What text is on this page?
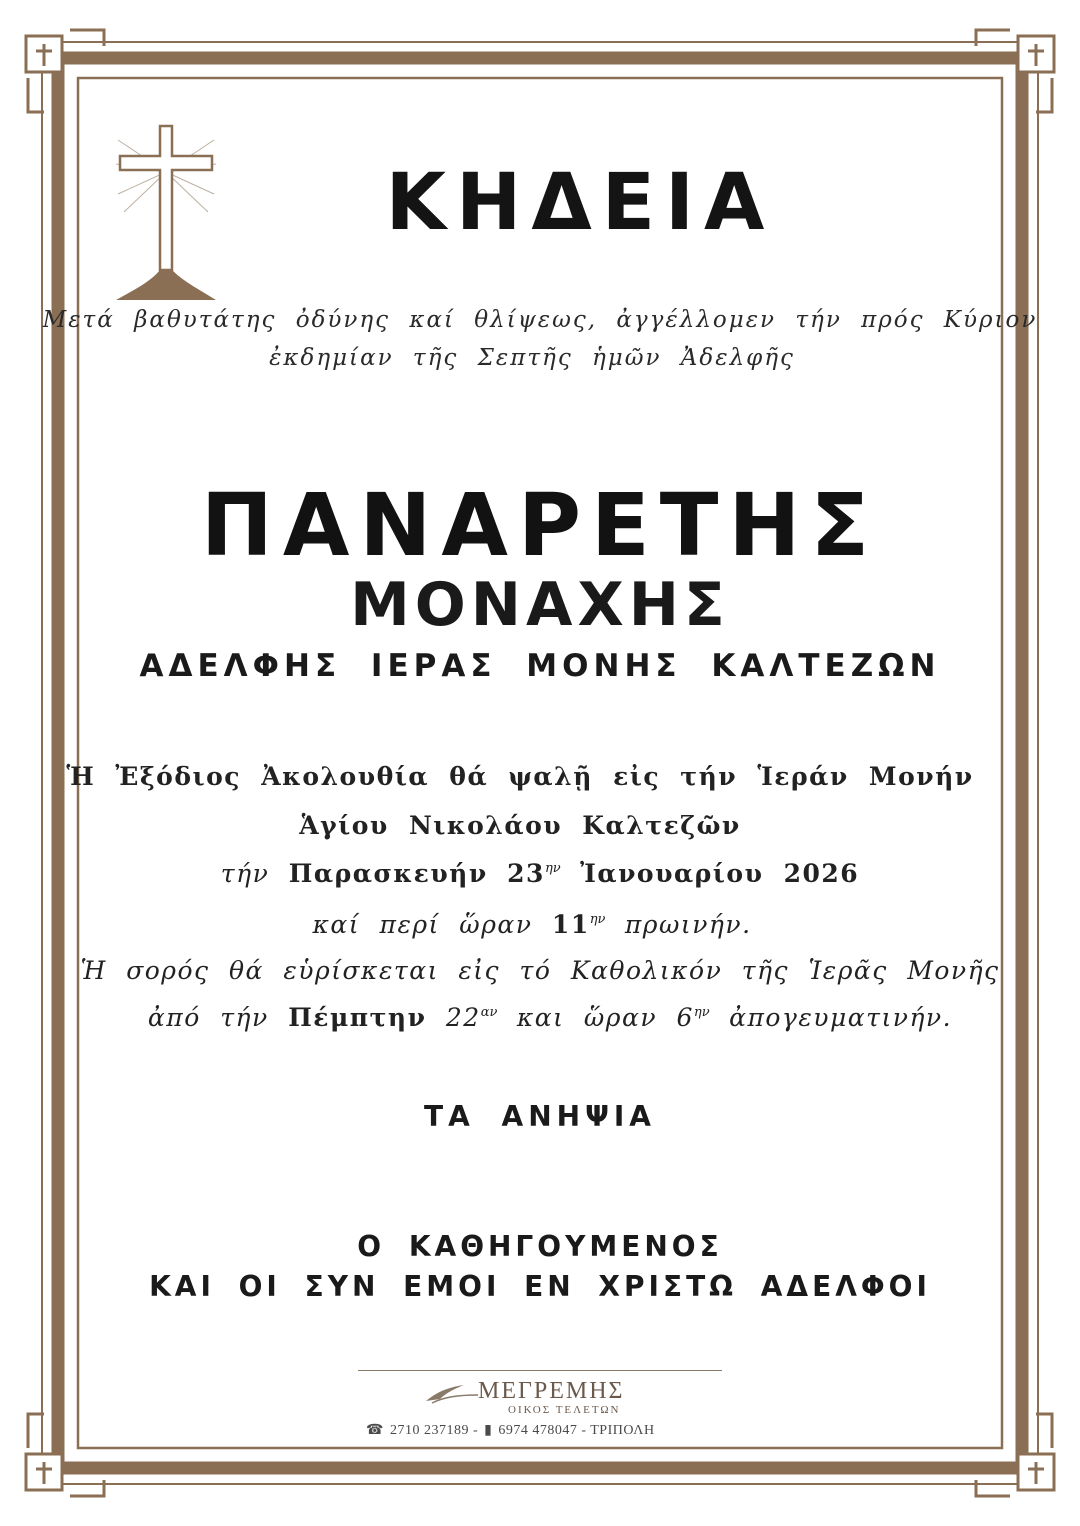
ΚΗΔΕΙΑ
Μετά βαθυτάτης ὀδύνης καί θλίψεως, ἀγγέλλομεν τήν πρός Κύριον
ἐκδημίαν τῆς Σεπτῆς ἡμῶν Ἀδελφῆς
ΠΑΝΑΡΕΤΗΣ
ΜΟΝΑΧΗΣ
ΑΔΕΛΦΗΣ ΙΕΡΑΣ ΜΟΝΗΣ ΚΑΛΤΕΖΩΝ
Ἡ Ἐξόδιος Ἀκολουθία θά ψαλῇ εἰς τήν Ἱεράν Μονήν
Ἁγίου Νικολάου Καλτεζῶν
τήν Παρασκευήν $23^{\eta\nu}$ Ἰανουαρίου 2026
καί περί ὥραν $11^{\eta\nu}$ πρωινήν.
Ἡ σορός θά εὑρίσκεται εἰς τό Καθολικόν τῆς Ἱερᾶς Μονῆς
ἀπό τήν Πέμπτην $22^{\alpha\nu}$ και ὥραν $6^{\eta\nu}$ ἀπογευματινήν.
ΤΑ ΑΝΗΨΙΑ
Ο ΚΑΘΗΓΟΥΜΕΝΟΣ
ΚΑΙ ΟΙ ΣΥΝ ΕΜΟΙ ΕΝ ΧΡΙΣΤΩ ΑΔΕΛΦΟΙ
ΜΕΓΡΕΜΗΣ
ΟΙΚΟΣ ΤΕΛΕΤΩΝ
☎ 2710 237189 - ▮ 6974 478047 - ΤΡΙΠΟΛΗ
